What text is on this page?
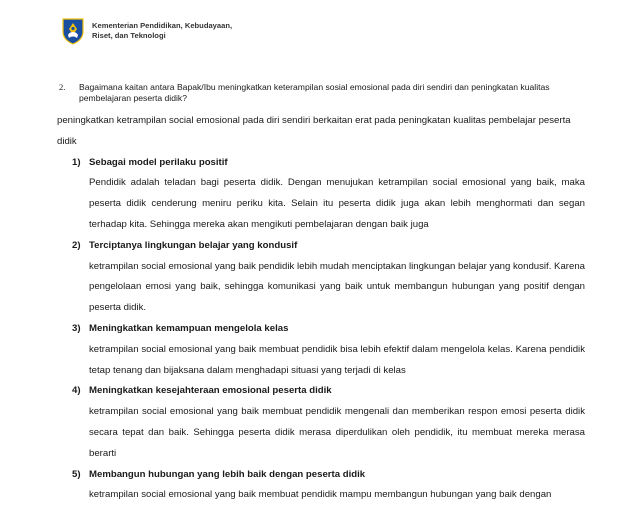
Kementerian Pendidikan, Kebudayaan,
Riset, dan Teknologi
2.	Bagaimana kaitan antara Bapak/Ibu meningkatkan keterampilan sosial emosional pada diri sendiri dan peningkatan kualitas pembelajaran peserta didik?

peningkatkan ketrampilan social emosional pada diri sendiri berkaitan erat pada peningkatan kualitas pembelajar peserta didik

1) Sebagai model perilaku positif

Pendidik adalah teladan bagi peserta didik. Dengan menujukan ketrampilan social emosional yang baik, maka peserta didik cenderung meniru periku kita. Selain itu peserta didik juga akan lebih menghormati dan segan terhadap kita. Sehingga mereka akan mengikuti pembelajaran dengan baik juga

2) Terciptanya lingkungan belajar yang kondusif

ketrampilan social emosional yang baik pendidik lebih mudah menciptakan lingkungan belajar yang kondusif. Karena pengelolaan emosi yang baik, sehingga komunikasi yang baik untuk membangun hubungan yang positif dengan peserta didik.

3) Meningkatkan kemampuan mengelola kelas

ketrampilan social emosional yang baik membuat pendidik bisa lebih efektif dalam mengelola kelas. Karena pendidik tetap tenang dan bijaksana dalam menghadapi situasi yang terjadi di kelas

4) Meningkatkan kesejahteraan emosional peserta didik

ketrampilan social emosional yang baik membuat pendidik mengenali dan memberikan respon emosi peserta didik secara tepat dan baik. Sehingga peserta didik merasa diperdulikan oleh pendidik, itu membuat mereka merasa berarti

5) Membangun hubungan yang lebih baik dengan peserta didik

ketrampilan social emosional yang baik membuat pendidik mampu membangun hubungan yang baik dengan
